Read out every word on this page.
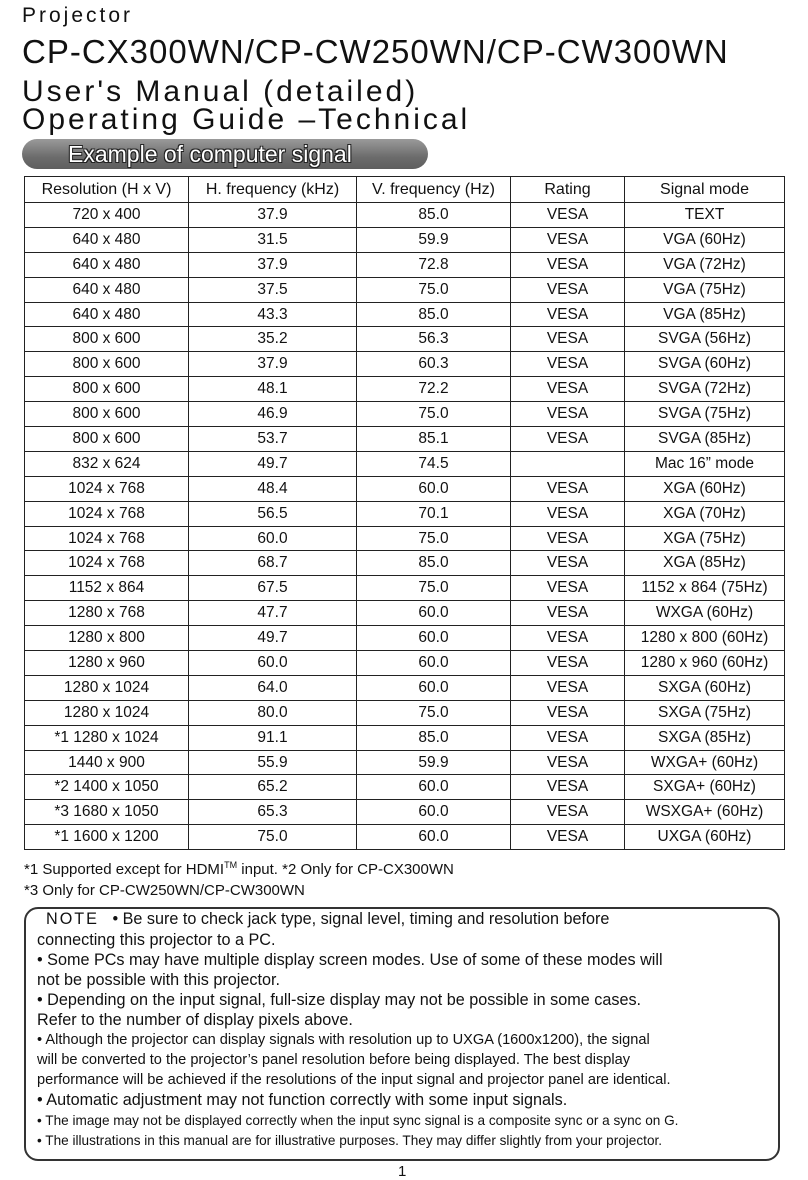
Projector
CP-CX300WN/CP-CW250WN/CP-CW300WN
User's Manual (detailed)
Operating Guide –Technical
Example of computer signal
Resolution (H x V)	H. frequency (kHz)	V. frequency (Hz)	Rating	Signal mode
720 x 400	37.9	85.0	VESA	TEXT
640 x 480	31.5	59.9	VESA	VGA (60Hz)
640 x 480	37.9	72.8	VESA	VGA (72Hz)
640 x 480	37.5	75.0	VESA	VGA (75Hz)
640 x 480	43.3	85.0	VESA	VGA (85Hz)
800 x 600	35.2	56.3	VESA	SVGA (56Hz)
800 x 600	37.9	60.3	VESA	SVGA (60Hz)
800 x 600	48.1	72.2	VESA	SVGA (72Hz)
800 x 600	46.9	75.0	VESA	SVGA (75Hz)
800 x 600	53.7	85.1	VESA	SVGA (85Hz)
832 x 624	49.7	74.5		Mac 16” mode
1024 x 768	48.4	60.0	VESA	XGA (60Hz)
1024 x 768	56.5	70.1	VESA	XGA (70Hz)
1024 x 768	60.0	75.0	VESA	XGA (75Hz)
1024 x 768	68.7	85.0	VESA	XGA (85Hz)
1152 x 864	67.5	75.0	VESA	1152 x 864 (75Hz)
1280 x 768	47.7	60.0	VESA	WXGA (60Hz)
1280 x 800	49.7	60.0	VESA	1280 x 800 (60Hz)
1280 x 960	60.0	60.0	VESA	1280 x 960 (60Hz)
1280 x 1024	64.0	60.0	VESA	SXGA (60Hz)
1280 x 1024	80.0	75.0	VESA	SXGA (75Hz)
*1 1280 x 1024	91.1	85.0	VESA	SXGA (85Hz)
1440 x 900	55.9	59.9	VESA	WXGA+ (60Hz)
*2 1400 x 1050	65.2	60.0	VESA	SXGA+ (60Hz)
*3 1680 x 1050	65.3	60.0	VESA	WSXGA+ (60Hz)
*1 1600 x 1200	75.0	60.0	VESA	UXGA (60Hz)
*1 Supported except for HDMI™ input. *2 Only for CP-CX300WN
*3 Only for CP-CW250WN/CP-CW300WN
NOTE • Be sure to check jack type, signal level, timing and resolution before
connecting this projector to a PC.
• Some PCs may have multiple display screen modes. Use of some of these modes will
not be possible with this projector.
• Depending on the input signal, full-size display may not be possible in some cases.
Refer to the number of display pixels above.
• Although the projector can display signals with resolution up to UXGA (1600x1200), the signal
will be converted to the projector’s panel resolution before being displayed. The best display
performance will be achieved if the resolutions of the input signal and projector panel are identical.
• Automatic adjustment may not function correctly with some input signals.
• The image may not be displayed correctly when the input sync signal is a composite sync or a sync on G.
• The illustrations in this manual are for illustrative purposes. They may differ slightly from your projector.
1
